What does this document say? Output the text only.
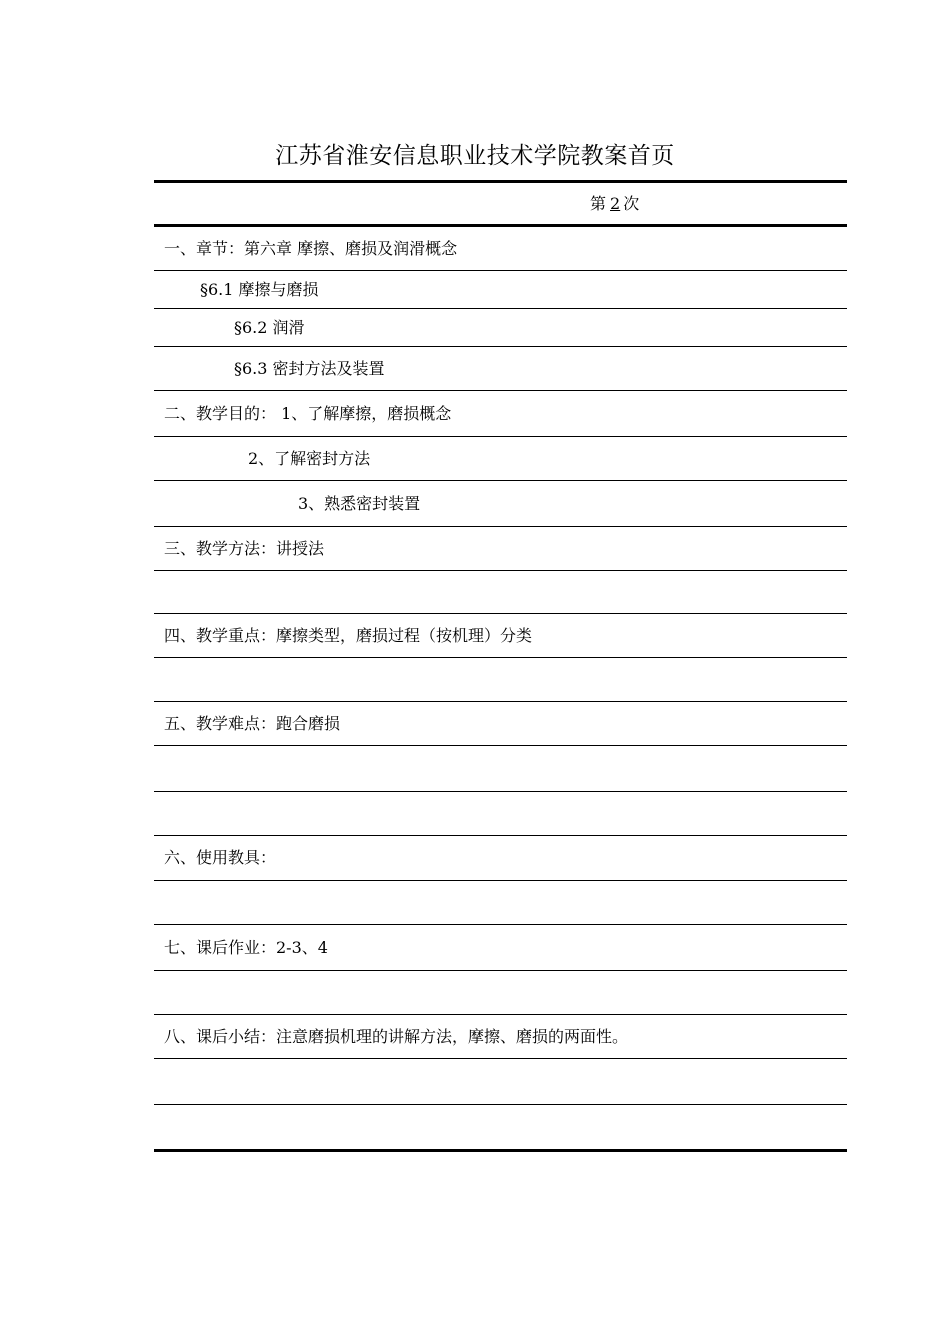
江苏省淮安信息职业技术学院教案首页
第 2 次
一、章节：第六章 摩擦、磨损及润滑概念
§6.1 摩擦与磨损
§6.2 润滑
§6.3 密封方法及装置
二、教学目的： 1、了解摩擦，磨损概念
2、了解密封方法
3、熟悉密封装置
三、教学方法：讲授法
四、教学重点：摩擦类型，磨损过程（按机理）分类
五、教学难点：跑合磨损
六、使用教具：
七、课后作业：2-3、4
八、课后小结：注意磨损机理的讲解方法，摩擦、磨损的两面性。
